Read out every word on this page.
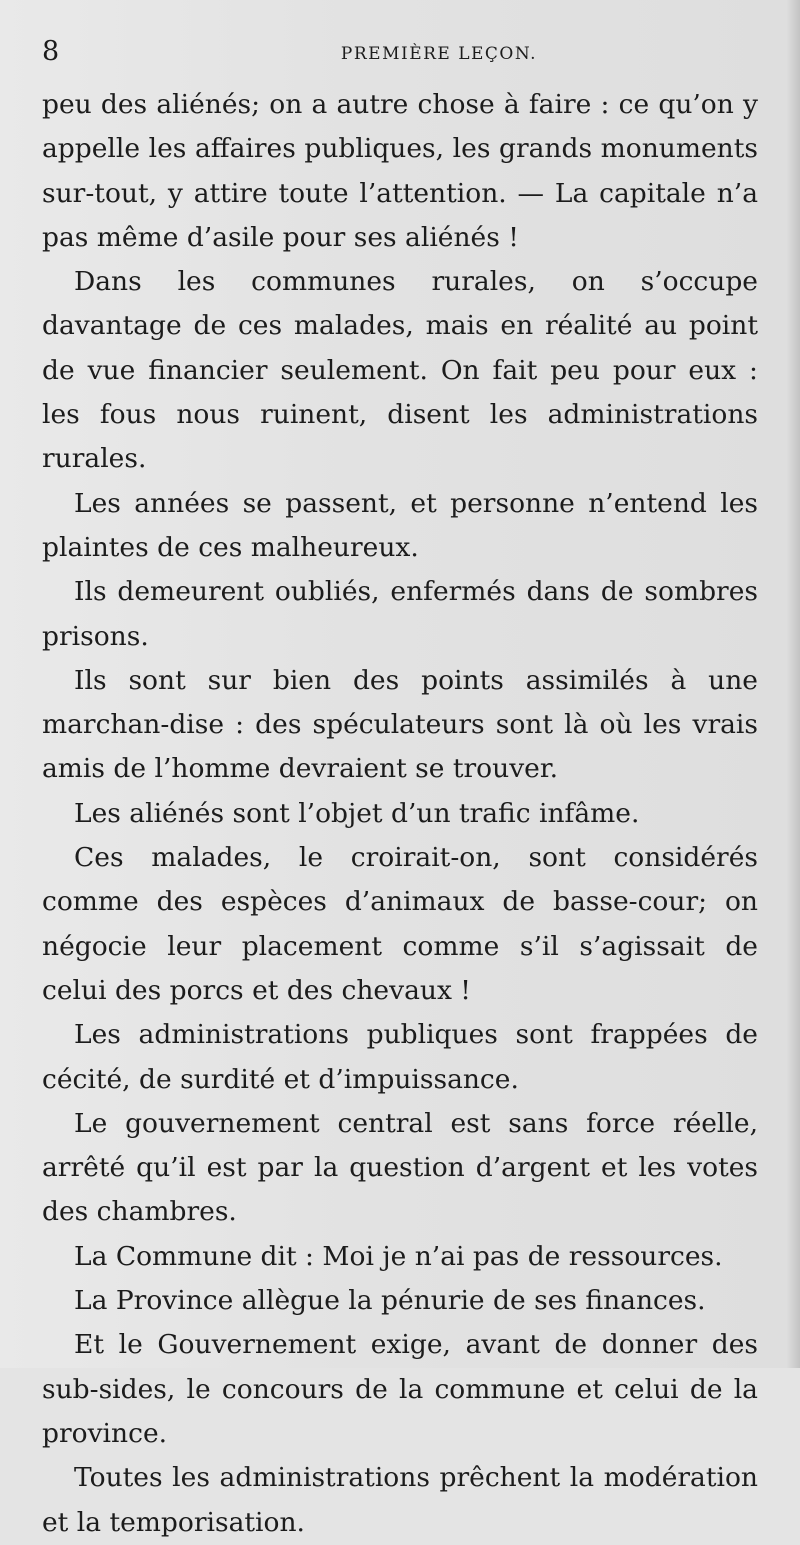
8	PREMIÈRE LEÇON.

peu des aliénés; on a autre chose à faire : ce qu’on y appelle les affaires publiques, les grands monuments sur-tout, y attire toute l’attention. — La capitale n’a pas même d’asile pour ses aliénés !

Dans les communes rurales, on s’occupe davantage de ces malades, mais en réalité au point de vue financier seulement. On fait peu pour eux : les fous nous ruinent, disent les administrations rurales.

Les années se passent, et personne n’entend les plaintes de ces malheureux.

Ils demeurent oubliés, enfermés dans de sombres prisons.

Ils sont sur bien des points assimilés à une marchan-dise : des spéculateurs sont là où les vrais amis de l’homme devraient se trouver.

Les aliénés sont l’objet d’un trafic infâme.

Ces malades, le croirait-on, sont considérés comme des espèces d’animaux de basse-cour; on négocie leur placement comme s’il s’agissait de celui des porcs et des chevaux !

Les administrations publiques sont frappées de cécité, de surdité et d’impuissance.

Le gouvernement central est sans force réelle, arrêté qu’il est par la question d’argent et les votes des chambres.

La Commune dit : Moi je n’ai pas de ressources.

La Province allègue la pénurie de ses finances.

Et le Gouvernement exige, avant de donner des sub-sides, le concours de la commune et celui de la province.

Toutes les administrations prêchent la modération et la temporisation.
